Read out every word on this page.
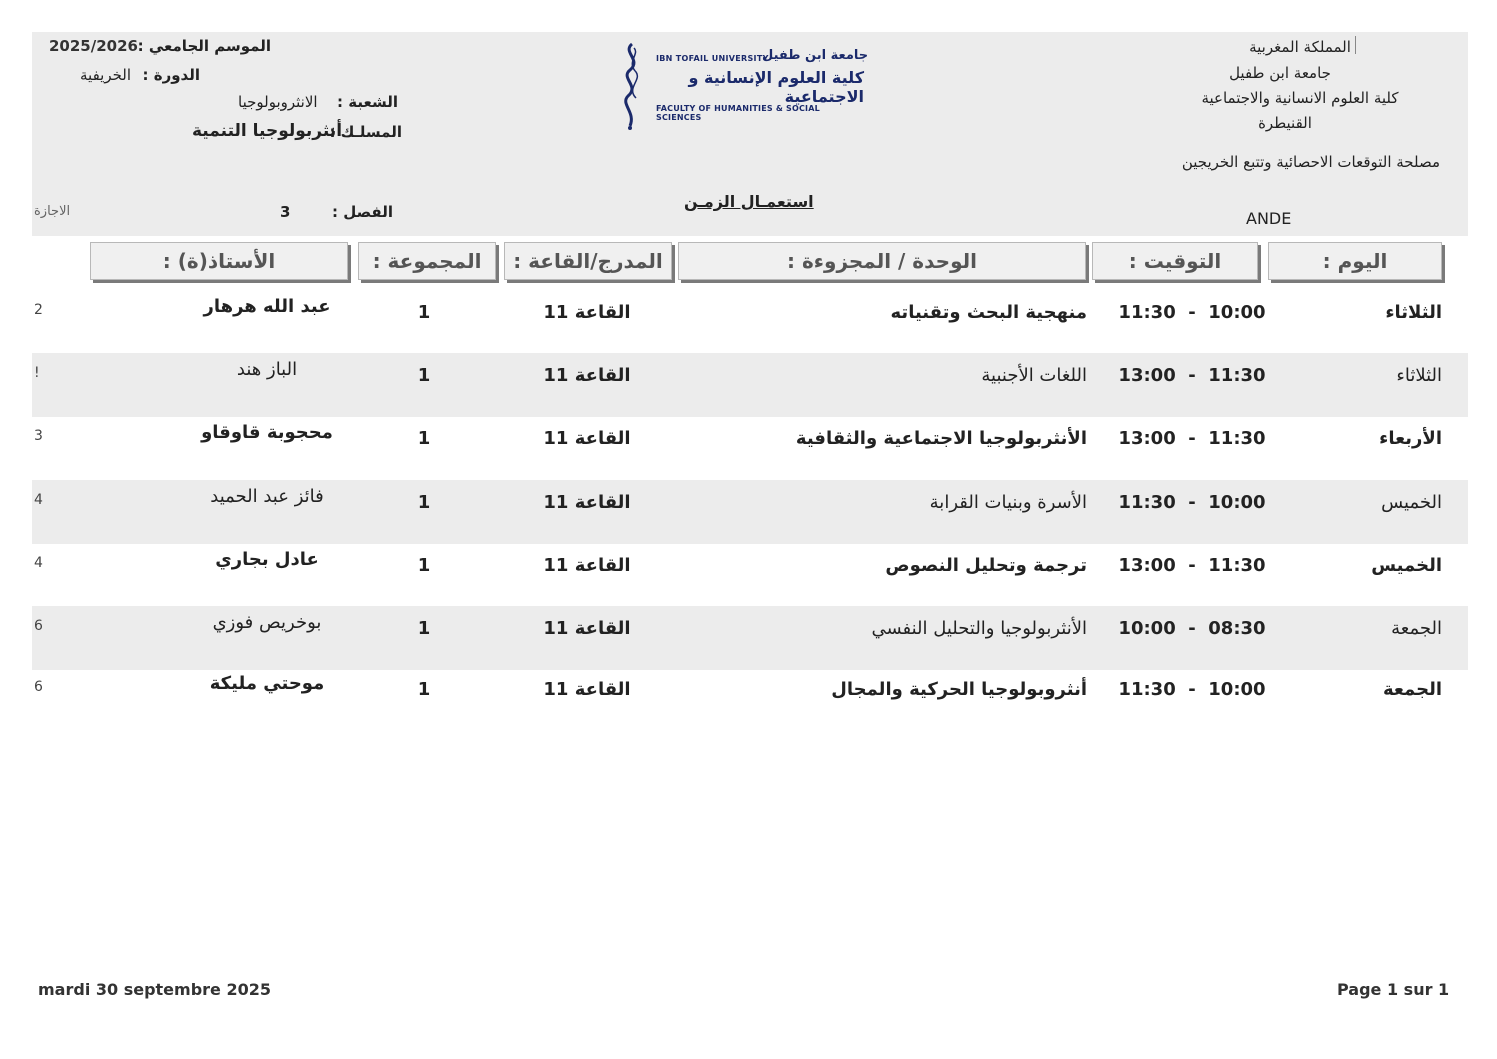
المملكة المغربية
جامعة ابن طفيل
كلية العلوم الانسانية والاجتماعية
القنيطرة
مصلحة التوقعات الاحصائية وتتبع الخريجين
ANDE
IBN TOFAIL UNIVERSITY
جامعة ابن طفيل
كلية العلوم الإنسانية و الاجتماعية
FACULTY OF HUMANITIES & SOCIAL SCIENCES
الموسم الجامعي :
2025/2026
الدورة :
الخريفية
الشعبة :
الانثروبولوجيا
المسلـك :
أنثربولوجيا التنمية
استعمـال الزمـن
الفصل :
3
الاجازة
اليوم :
التوقيت :
الوحدة / المجزوءة :
المدرج/القاعة :
المجموعة :
الأستاذ(ة) :
الثلاثاء
11:30  -  10:00
منهجية البحث وتقنياته
القاعة 11
1
عبد الله هرهار
2
الثلاثاء
13:00  -  11:30
اللغات الأجنبية
القاعة 11
1
الباز هند
!
الأربعاء
13:00  -  11:30
الأنثربولوجيا الاجتماعية والثقافية
القاعة 11
1
محجوبة قاوقاو
3
الخميس
11:30  -  10:00
الأسرة وبنيات القرابة
القاعة 11
1
فائز عبد الحميد
4
الخميس
13:00  -  11:30
ترجمة وتحليل النصوص
القاعة 11
1
عادل بجاري
4
الجمعة
10:00  -  08:30
الأنثربولوجيا والتحليل النفسي
القاعة 11
1
بوخريص فوزي
6
الجمعة
11:30  -  10:00
أنثروبولوجيا الحركية والمجال
القاعة 11
1
موحتي مليكة
6
mardi 30 septembre 2025	Page 1 sur 1
